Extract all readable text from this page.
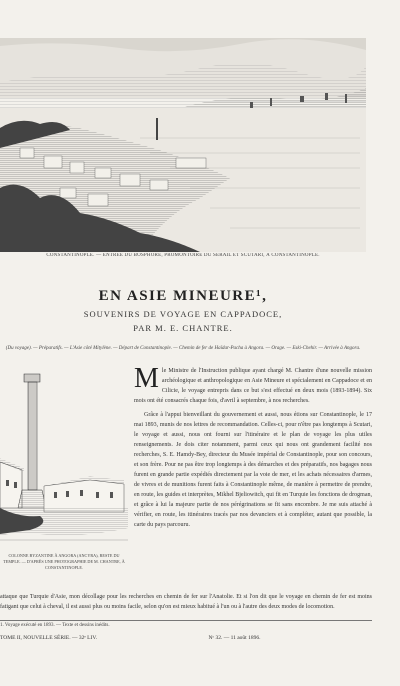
CONSTANTINOPLE. — ENTRÉE DU BOSPHORE, PROMONTOIRE DU SÉRAIL ET SCUTARI, À CONSTANTINOPLE.

EN ASIE MINEURE¹,

SOUVENIRS DE VOYAGE EN CAPPADOCE,

PAR M. E. CHANTRE.

(Du voyage). — Préparatifs. — L'Asie côté Mitylène. — Départ de Constantinople. — Chemin de fer de Haïdar-Pacha à Angora. — Orage. — Eski-Chehir. — Arrivée à Angora.
COLONNE BYZANTINE À ANGORA (ANCYRA), RESTE DU TEMPLE. — D'APRÈS UNE PHOTOGRAPHIE DE M. CHANTRE, À CONSTANTINOPLE.

Mle Ministre de l'Instruction publique ayant chargé M. Chantre d'une nouvelle mission archéologique et anthropologique en Asie Mineure et spécialement en Cappadoce et en Cilicie, le voyage entrepris dans ce but s'est effectué en deux mois (1893-1894). Six mois ont été consacrés chaque fois, d'avril à septembre, à nos recherches.

Grâce à l'appui bienveillant du gouvernement et aussi, nous étions sur Constantinople, le 17 mai 1893, munis de nos lettres de recommandation. Celles-ci, pour n'être pas longtemps à Scutari, le voyage et aussi, nous ont fourni sur l'itinéraire et le plan de voyage les plus utiles renseignements. Je dois citer notamment, parmi ceux qui nous ont grandement facilité nos recherches, S. E. Hamdy-Bey, directeur du Musée impérial de Constantinople, pour son concours, et son frère. Pour ne pas être trop longtemps à des démarches et des préparatifs, nos bagages nous furent en grande partie expédiés directement par la voie de mer, et les achats nécessaires d'armes, de vivres et de munitions furent faits à Constantinople même, de manière à permettre de prendre, en route, les guides et interprètes, Mikhel Bjeliowitch, qui fit en Turquie les fonctions de drogman, et grâce à lui la majeure partie de nos pérégrinations se fit sans encombre. Je me suis attaché à vérifier, en route, les itinéraires tracés par nos devanciers et à compléter, autant que possible, la carte du pays parcouru.

attaque que Turquie d'Asie, mon décollage pour les recherches en chemin de fer sur l'Anatolie. Et si l'on dit que le voyage en chemin de fer est moins fatigant que celui à cheval, il est aussi plus ou moins facile, selon qu'on est mieux habitué à l'un ou à l'autre des deux modes de locomotion.
1. Voyage exécuté en 1893. — Texte et dessins inédits.
TOME II, NOUVELLE SÉRIE. — 32ᵉ LIV.	Nᵒ 32. — 11 août 1896.
